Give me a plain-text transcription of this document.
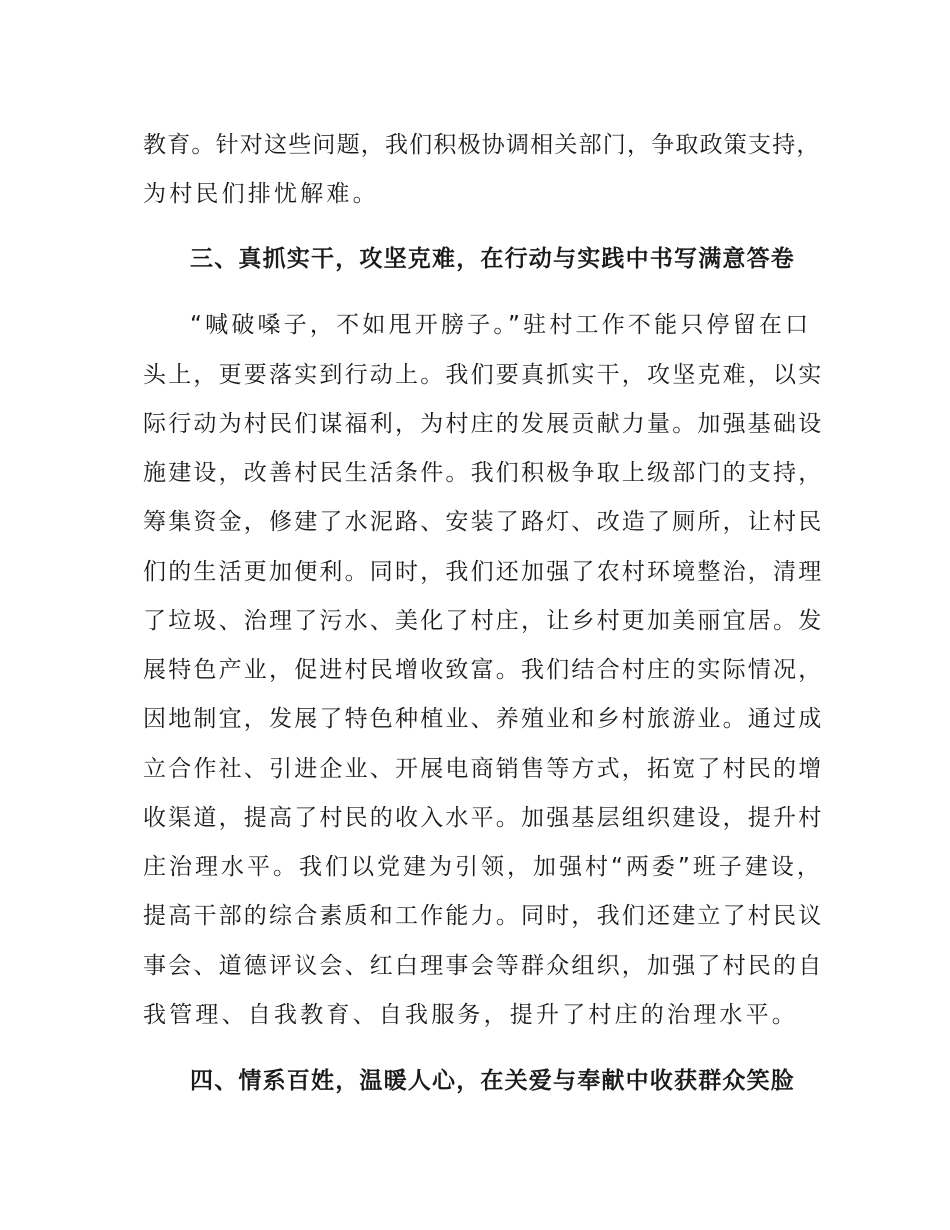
教育。针对这些问题，我们积极协调相关部门，争取政策支持，
为村民们排忧解难。
三、真抓实干，攻坚克难，在行动与实践中书写满意答卷
“喊破嗓子，不如甩开膀子。”驻村工作不能只停留在口
头上，更要落实到行动上。我们要真抓实干，攻坚克难，以实
际行动为村民们谋福利，为村庄的发展贡献力量。加强基础设
施建设，改善村民生活条件。我们积极争取上级部门的支持，
筹集资金，修建了水泥路、安装了路灯、改造了厕所，让村民
们的生活更加便利。同时，我们还加强了农村环境整治，清理
了垃圾、治理了污水、美化了村庄，让乡村更加美丽宜居。发
展特色产业，促进村民增收致富。我们结合村庄的实际情况，
因地制宜，发展了特色种植业、养殖业和乡村旅游业。通过成
立合作社、引进企业、开展电商销售等方式，拓宽了村民的增
收渠道，提高了村民的收入水平。加强基层组织建设，提升村
庄治理水平。我们以党建为引领，加强村“两委”班子建设，
提高干部的综合素质和工作能力。同时，我们还建立了村民议
事会、道德评议会、红白理事会等群众组织，加强了村民的自
我管理、自我教育、自我服务，提升了村庄的治理水平。
四、情系百姓，温暖人心，在关爱与奉献中收获群众笑脸
